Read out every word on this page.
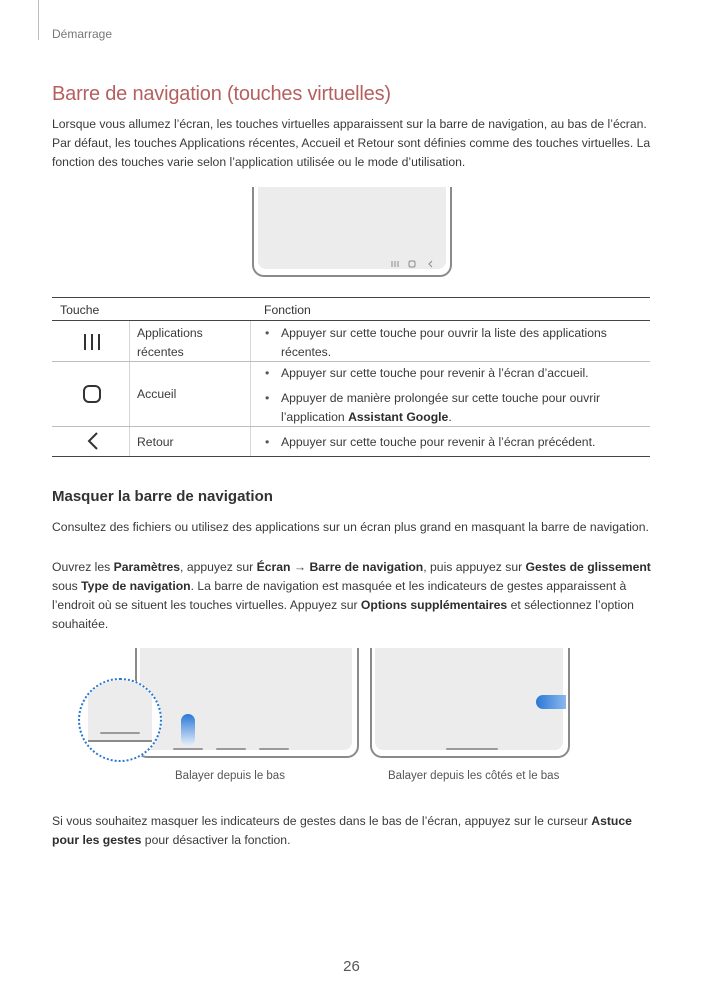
Démarrage
Barre de navigation (touches virtuelles)

Lorsque vous allumez l’écran, les touches virtuelles apparaissent sur la barre de navigation, au bas de l’écran. Par défaut, les touches Applications récentes, Accueil et Retour sont définies comme des touches virtuelles. La fonction des touches varie selon l’application utilisée ou le mode d’utilisation.

Touche	Fonction
Applications récentes
• Appuyer sur cette touche pour ouvrir la liste des applications récentes.
Accueil
• Appuyer sur cette touche pour revenir à l’écran d’accueil.
• Appuyer de manière prolongée sur cette touche pour ouvrir l’application Assistant Google.
Retour
•	Appuyer sur cette touche pour revenir à l’écran précédent.
Masquer la barre de navigation

Consultez des fichiers ou utilisez des applications sur un écran plus grand en masquant la barre de navigation.

Ouvrez les Paramètres, appuyez sur Écran → Barre de navigation, puis appuyez sur Gestes de glissement sous Type de navigation. La barre de navigation est masquée et les indicateurs de gestes apparaissent à l’endroit où se situent les touches virtuelles. Appuyez sur Options supplémentaires et sélectionnez l’option souhaitée.

Balayer depuis le bas	Balayer depuis les côtés et le bas

Si vous souhaitez masquer les indicateurs de gestes dans le bas de l’écran, appuyez sur le curseur Astuce pour les gestes pour désactiver la fonction.

26
